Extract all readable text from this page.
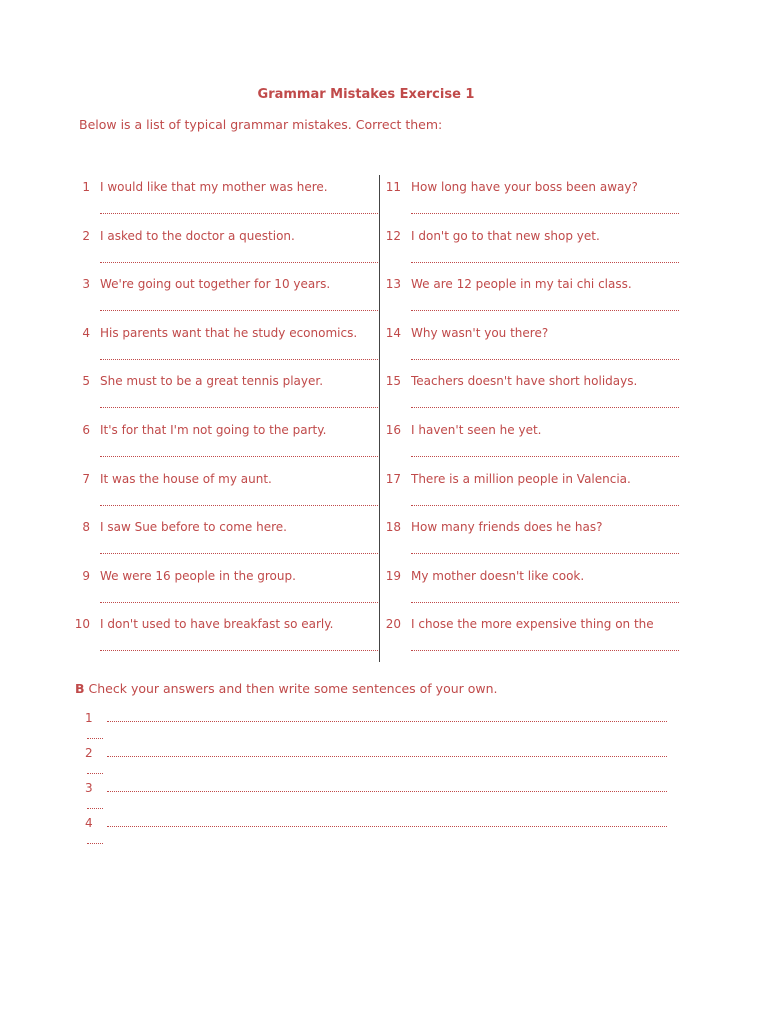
Grammar Mistakes Exercise 1
Below is a list of typical grammar mistakes. Correct them:
1 I would like that my mother was here.
2 I asked to the doctor a question.
3 We're going out together for 10 years.
4 His parents want that he study economics.
5 She must to be a great tennis player.
6 It's for that I'm not going to the party.
7 It was the house of my aunt.
8 I saw Sue before to come here.
9 We were 16 people in the group.
10 I don't used to have breakfast so early.
11 How long have your boss been away?
12 I don't go to that new shop yet.
13 We are 12 people in my tai chi class.
14 Why wasn't you there?
15 Teachers doesn't have short holidays.
16 I haven't seen he yet.
17 There is a million people in Valencia.
18 How many friends does he has?
19 My mother doesn't like cook.
20 I chose the more expensive thing on the
B Check your answers and then write some sentences of your own.
1
2
3
4
